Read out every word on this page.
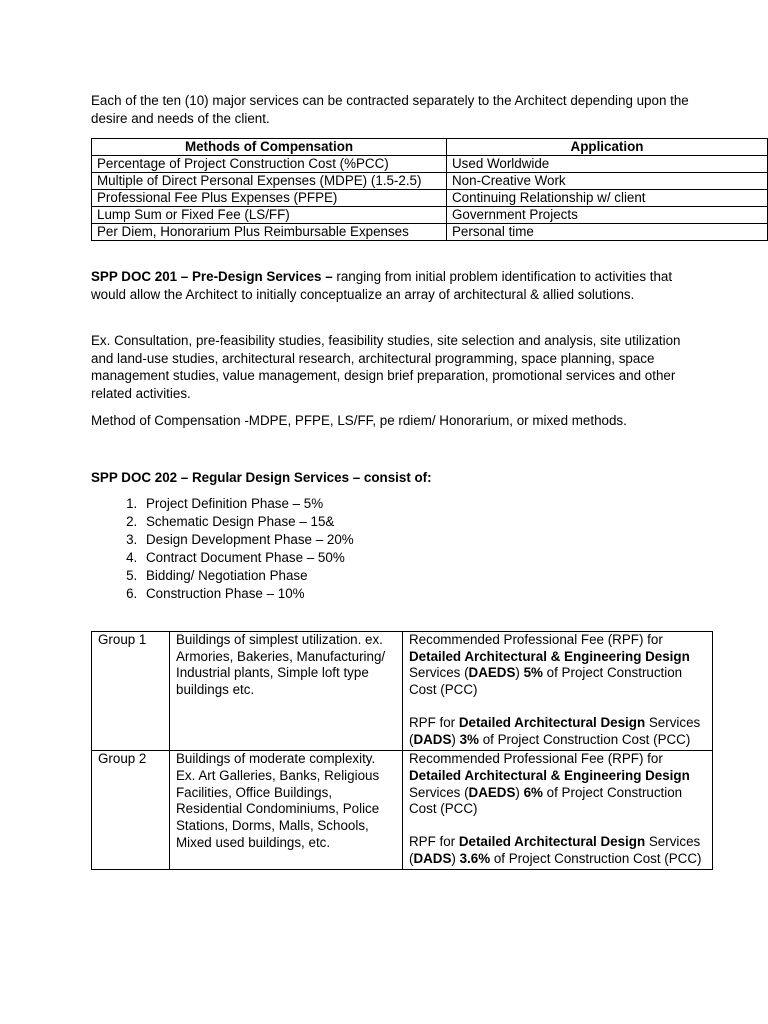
Each of the ten (10) major services can be contracted separately to the Architect depending upon the desire and needs of the client.

Methods of Compensation	Application
Percentage of Project Construction Cost (%PCC)	Used Worldwide
Multiple of Direct Personal Expenses (MDPE) (1.5-2.5)	Non-Creative Work
Professional Fee Plus Expenses (PFPE)	Continuing Relationship w/ client
Lump Sum or Fixed Fee (LS/FF)	Government Projects
Per Diem, Honorarium Plus Reimbursable Expenses	Personal time

SPP DOC 201 – Pre-Design Services – ranging from initial problem identification to activities that would allow the Architect to initially conceptualize an array of architectural & allied solutions.

Ex. Consultation, pre-feasibility studies, feasibility studies, site selection and analysis, site utilization and land-use studies, architectural research, architectural programming, space planning, space management studies, value management, design brief preparation, promotional services and other related activities.

Method of Compensation -MDPE, PFPE, LS/FF, pe rdiem/ Honorarium, or mixed methods.

SPP DOC 202 – Regular Design Services – consist of:

1. Project Definition Phase – 5%
2. Schematic Design Phase – 15&
3. Design Development Phase – 20%
4. Contract Document Phase – 50%
5. Bidding/ Negotiation Phase
6. Construction Phase – 10%
Group 1	Buildings of simplest utilization. ex. Armories, Bakeries, Manufacturing/ Industrial plants, Simple loft type buildings etc.	Recommended Professional Fee (RPF) for Detailed Architectural & Engineering Design Services (DAEDS) 5% of Project Construction Cost (PCC)

RPF for Detailed Architectural Design Services (DADS) 3% of Project Construction Cost (PCC)

Group 2	Buildings of moderate complexity. Ex. Art Galleries, Banks, Religious Facilities, Office Buildings, Residential Condominiums, Police Stations, Dorms, Malls, Schools, Mixed used buildings, etc.	Recommended Professional Fee (RPF) for Detailed Architectural & Engineering Design Services (DAEDS) 6% of Project Construction Cost (PCC)

RPF for Detailed Architectural Design Services (DADS) 3.6% of Project Construction Cost (PCC)
